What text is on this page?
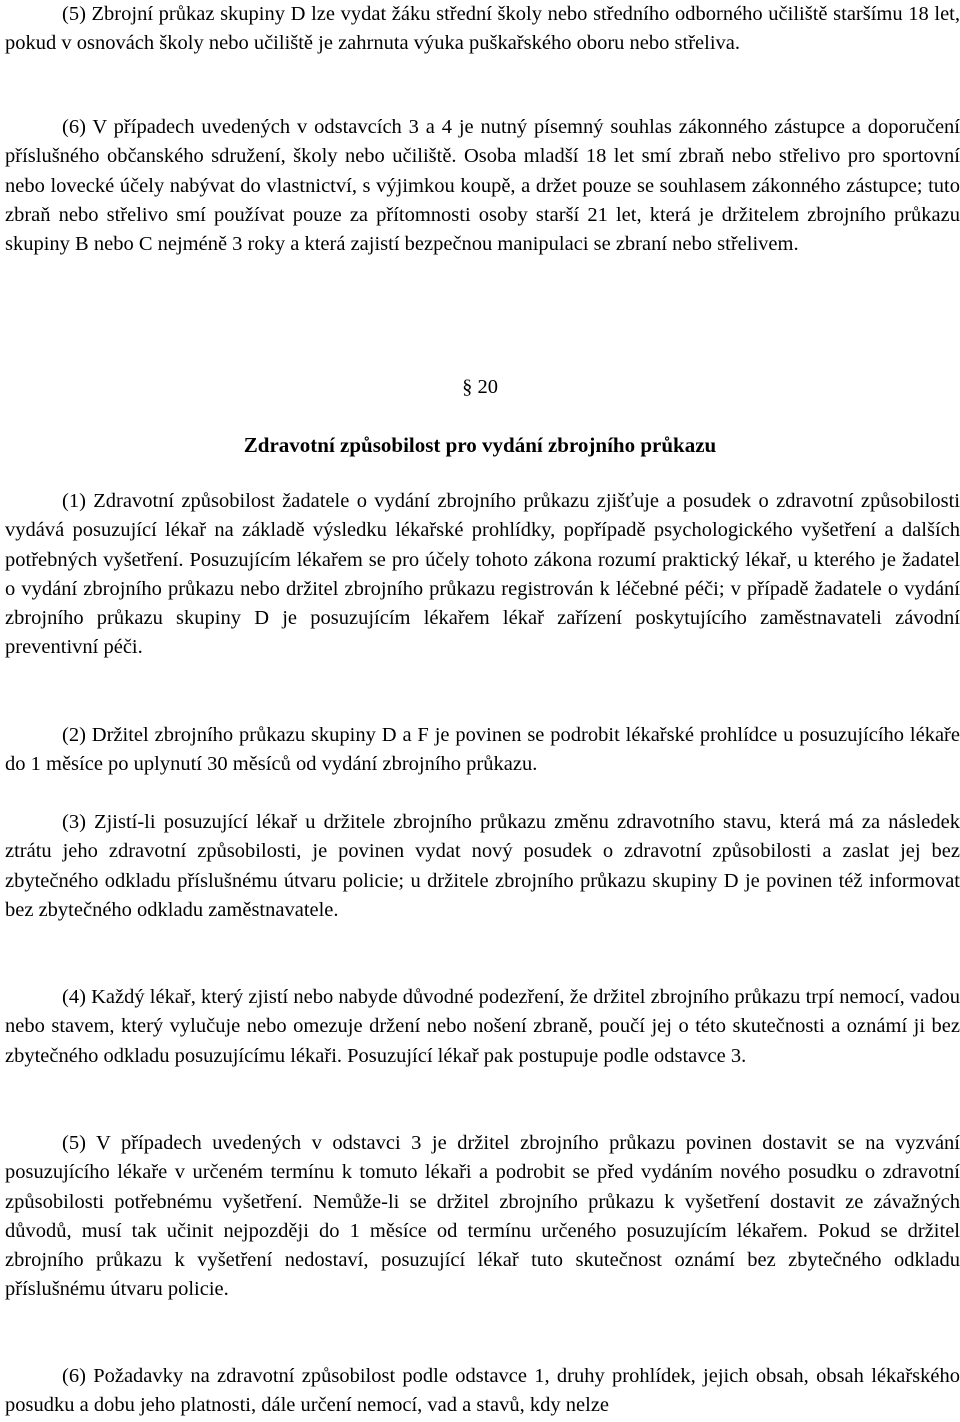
(5) Zbrojní průkaz skupiny D lze vydat žáku střední školy nebo středního odborného učiliště staršímu 18 let, pokud v osnovách školy nebo učiliště je zahrnuta výuka puškařského oboru nebo střeliva.

(6) V případech uvedených v odstavcích 3 a 4 je nutný písemný souhlas zákonného zástupce a doporučení příslušného občanského sdružení, školy nebo učiliště. Osoba mladší 18 let smí zbraň nebo střelivo pro sportovní nebo lovecké účely nabývat do vlastnictví, s výjimkou koupě, a držet pouze se souhlasem zákonného zástupce; tuto zbraň nebo střelivo smí používat pouze za přítomnosti osoby starší 21 let, která je držitelem zbrojního průkazu skupiny B nebo C nejméně 3 roky a která zajistí bezpečnou manipulaci se zbraní nebo střelivem.

§ 20

Zdravotní způsobilost pro vydání zbrojního průkazu

(1) Zdravotní způsobilost žadatele o vydání zbrojního průkazu zjišťuje a posudek o zdravotní způsobilosti vydává posuzující lékař na základě výsledku lékařské prohlídky, popřípadě psychologického vyšetření a dalších potřebných vyšetření. Posuzujícím lékařem se pro účely tohoto zákona rozumí praktický lékař, u kterého je žadatel o vydání zbrojního průkazu nebo držitel zbrojního průkazu registrován k léčebné péči; v případě žadatele o vydání zbrojního průkazu skupiny D je posuzujícím lékařem lékař zařízení poskytujícího zaměstnavateli závodní preventivní péči.

(2) Držitel zbrojního průkazu skupiny D a F je povinen se podrobit lékařské prohlídce u posuzujícího lékaře do 1 měsíce po uplynutí 30 měsíců od vydání zbrojního průkazu.

(3) Zjistí-li posuzující lékař u držitele zbrojního průkazu změnu zdravotního stavu, která má za následek ztrátu jeho zdravotní způsobilosti, je povinen vydat nový posudek o zdravotní způsobilosti a zaslat jej bez zbytečného odkladu příslušnému útvaru policie; u držitele zbrojního průkazu skupiny D je povinen též informovat bez zbytečného odkladu zaměstnavatele.

(4) Každý lékař, který zjistí nebo nabyde důvodné podezření, že držitel zbrojního průkazu trpí nemocí, vadou nebo stavem, který vylučuje nebo omezuje držení nebo nošení zbraně, poučí jej o této skutečnosti a oznámí ji bez zbytečného odkladu posuzujícímu lékaři. Posuzující lékař pak postupuje podle odstavce 3.

(5) V případech uvedených v odstavci 3 je držitel zbrojního průkazu povinen dostavit se na vyzvání posuzujícího lékaře v určeném termínu k tomuto lékaři a podrobit se před vydáním nového posudku o zdravotní způsobilosti potřebnému vyšetření. Nemůže-li se držitel zbrojního průkazu k vyšetření dostavit ze závažných důvodů, musí tak učinit nejpozději do 1 měsíce od termínu určeného posuzujícím lékařem. Pokud se držitel zbrojního průkazu k vyšetření nedostaví, posuzující lékař tuto skutečnost oznámí bez zbytečného odkladu příslušnému útvaru policie.

(6) Požadavky na zdravotní způsobilost podle odstavce 1, druhy prohlídek, jejich obsah, obsah lékařského posudku a dobu jeho platnosti, dále určení nemocí, vad a stavů, kdy nelze
